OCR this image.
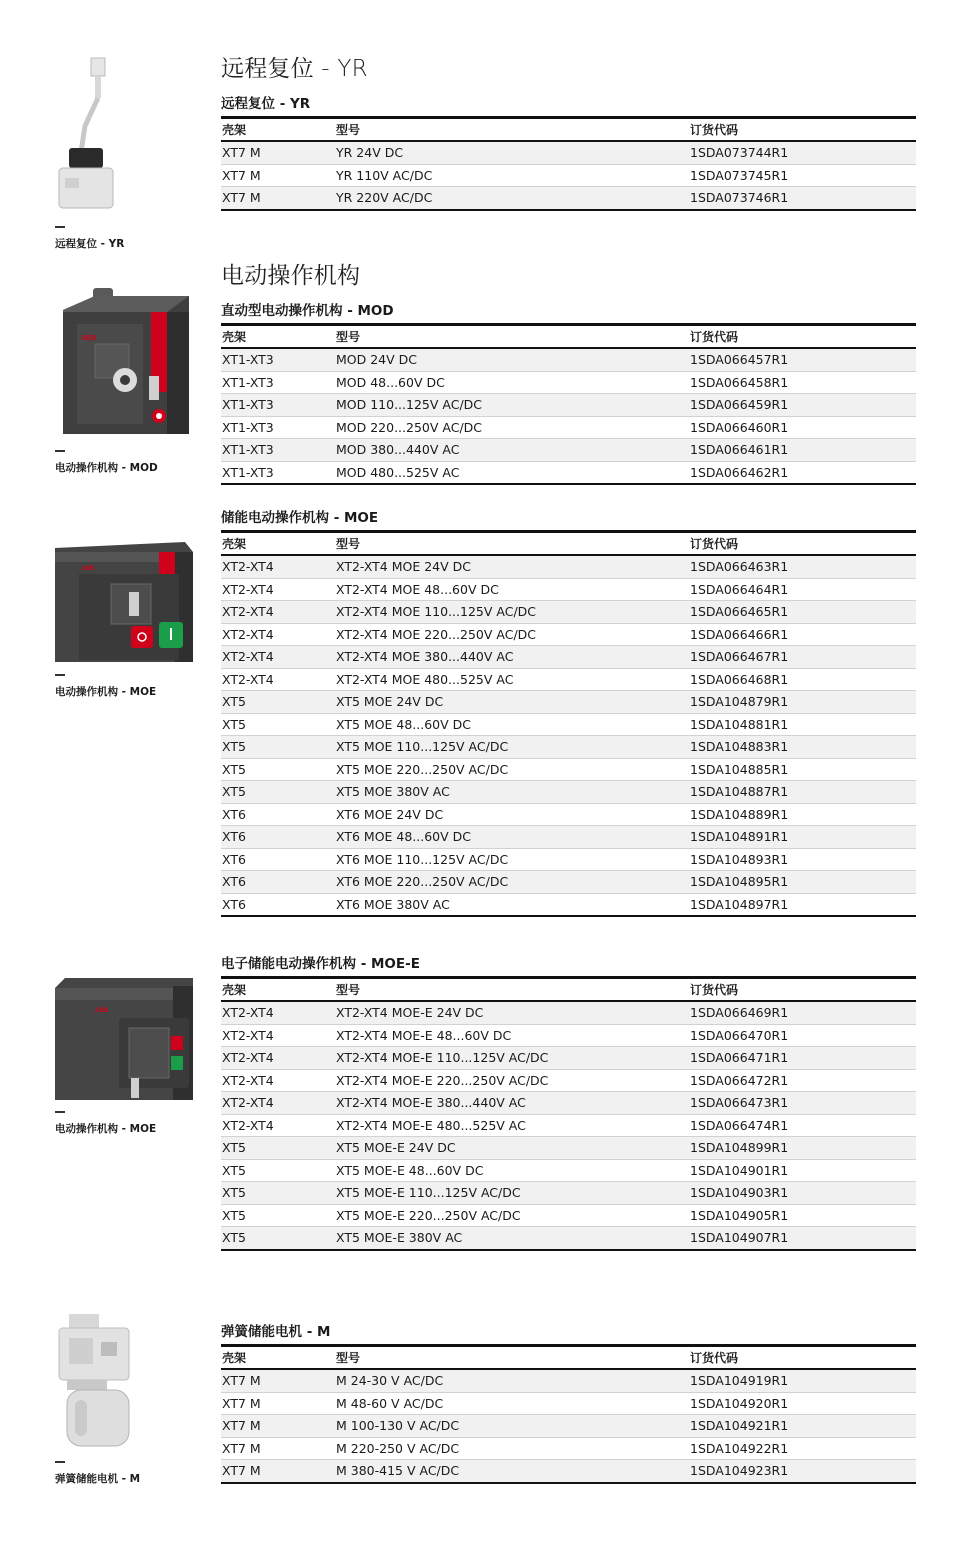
远程复位 - YR
远程复位 - YR
远程复位 - YR
壳架	型号	订货代码
XT7 M	YR 24V DC	1SDA073744R1
XT7 M	YR 110V AC/DC	1SDA073745R1
XT7 M	YR 220V AC/DC	1SDA073746R1
电动操作机构
ABB
电动操作机构 - MOD
直动型电动操作机构 - MOD
壳架	型号	订货代码
XT1-XT3	MOD 24V DC	1SDA066457R1
XT1-XT3	MOD 48...60V DC	1SDA066458R1
XT1-XT3	MOD 110...125V AC/DC	1SDA066459R1
XT1-XT3	MOD 220...250V AC/DC	1SDA066460R1
XT1-XT3	MOD 380...440V AC	1SDA066461R1
XT1-XT3	MOD 480...525V AC	1SDA066462R1
ABB
电动操作机构 - MOE
储能电动操作机构 - MOE
壳架	型号	订货代码
XT2-XT4	XT2-XT4 MOE 24V DC	1SDA066463R1
XT2-XT4	XT2-XT4 MOE 48...60V DC	1SDA066464R1
XT2-XT4	XT2-XT4 MOE 110...125V AC/DC	1SDA066465R1
XT2-XT4	XT2-XT4 MOE 220...250V AC/DC	1SDA066466R1
XT2-XT4	XT2-XT4 MOE 380...440V AC	1SDA066467R1
XT2-XT4	XT2-XT4 MOE 480...525V AC	1SDA066468R1
XT5	XT5 MOE 24V DC	1SDA104879R1
XT5	XT5 MOE 48...60V DC	1SDA104881R1
XT5	XT5 MOE 110...125V AC/DC	1SDA104883R1
XT5	XT5 MOE 220...250V AC/DC	1SDA104885R1
XT5	XT5 MOE 380V AC	1SDA104887R1
XT6	XT6 MOE 24V DC	1SDA104889R1
XT6	XT6 MOE 48...60V DC	1SDA104891R1
XT6	XT6 MOE 110...125V AC/DC	1SDA104893R1
XT6	XT6 MOE 220...250V AC/DC	1SDA104895R1
XT6	XT6 MOE 380V AC	1SDA104897R1
ABB
电动操作机构 - MOE
电子储能电动操作机构 - MOE-E
壳架	型号	订货代码
XT2-XT4	XT2-XT4 MOE-E 24V DC	1SDA066469R1
XT2-XT4	XT2-XT4 MOE-E 48...60V DC	1SDA066470R1
XT2-XT4	XT2-XT4 MOE-E 110...125V AC/DC	1SDA066471R1
XT2-XT4	XT2-XT4 MOE-E 220...250V AC/DC	1SDA066472R1
XT2-XT4	XT2-XT4 MOE-E 380...440V AC	1SDA066473R1
XT2-XT4	XT2-XT4 MOE-E 480...525V AC	1SDA066474R1
XT5	XT5 MOE-E 24V DC	1SDA104899R1
XT5	XT5 MOE-E 48...60V DC	1SDA104901R1
XT5	XT5 MOE-E 110...125V AC/DC	1SDA104903R1
XT5	XT5 MOE-E 220...250V AC/DC	1SDA104905R1
XT5	XT5 MOE-E 380V AC	1SDA104907R1
弹簧储能电机 - M
弹簧储能电机 - M
壳架	型号	订货代码
XT7 M	M 24-30 V AC/DC	1SDA104919R1
XT7 M	M 48-60 V AC/DC	1SDA104920R1
XT7 M	M 100-130 V AC/DC	1SDA104921R1
XT7 M	M 220-250 V AC/DC	1SDA104922R1
XT7 M	M 380-415 V AC/DC	1SDA104923R1
